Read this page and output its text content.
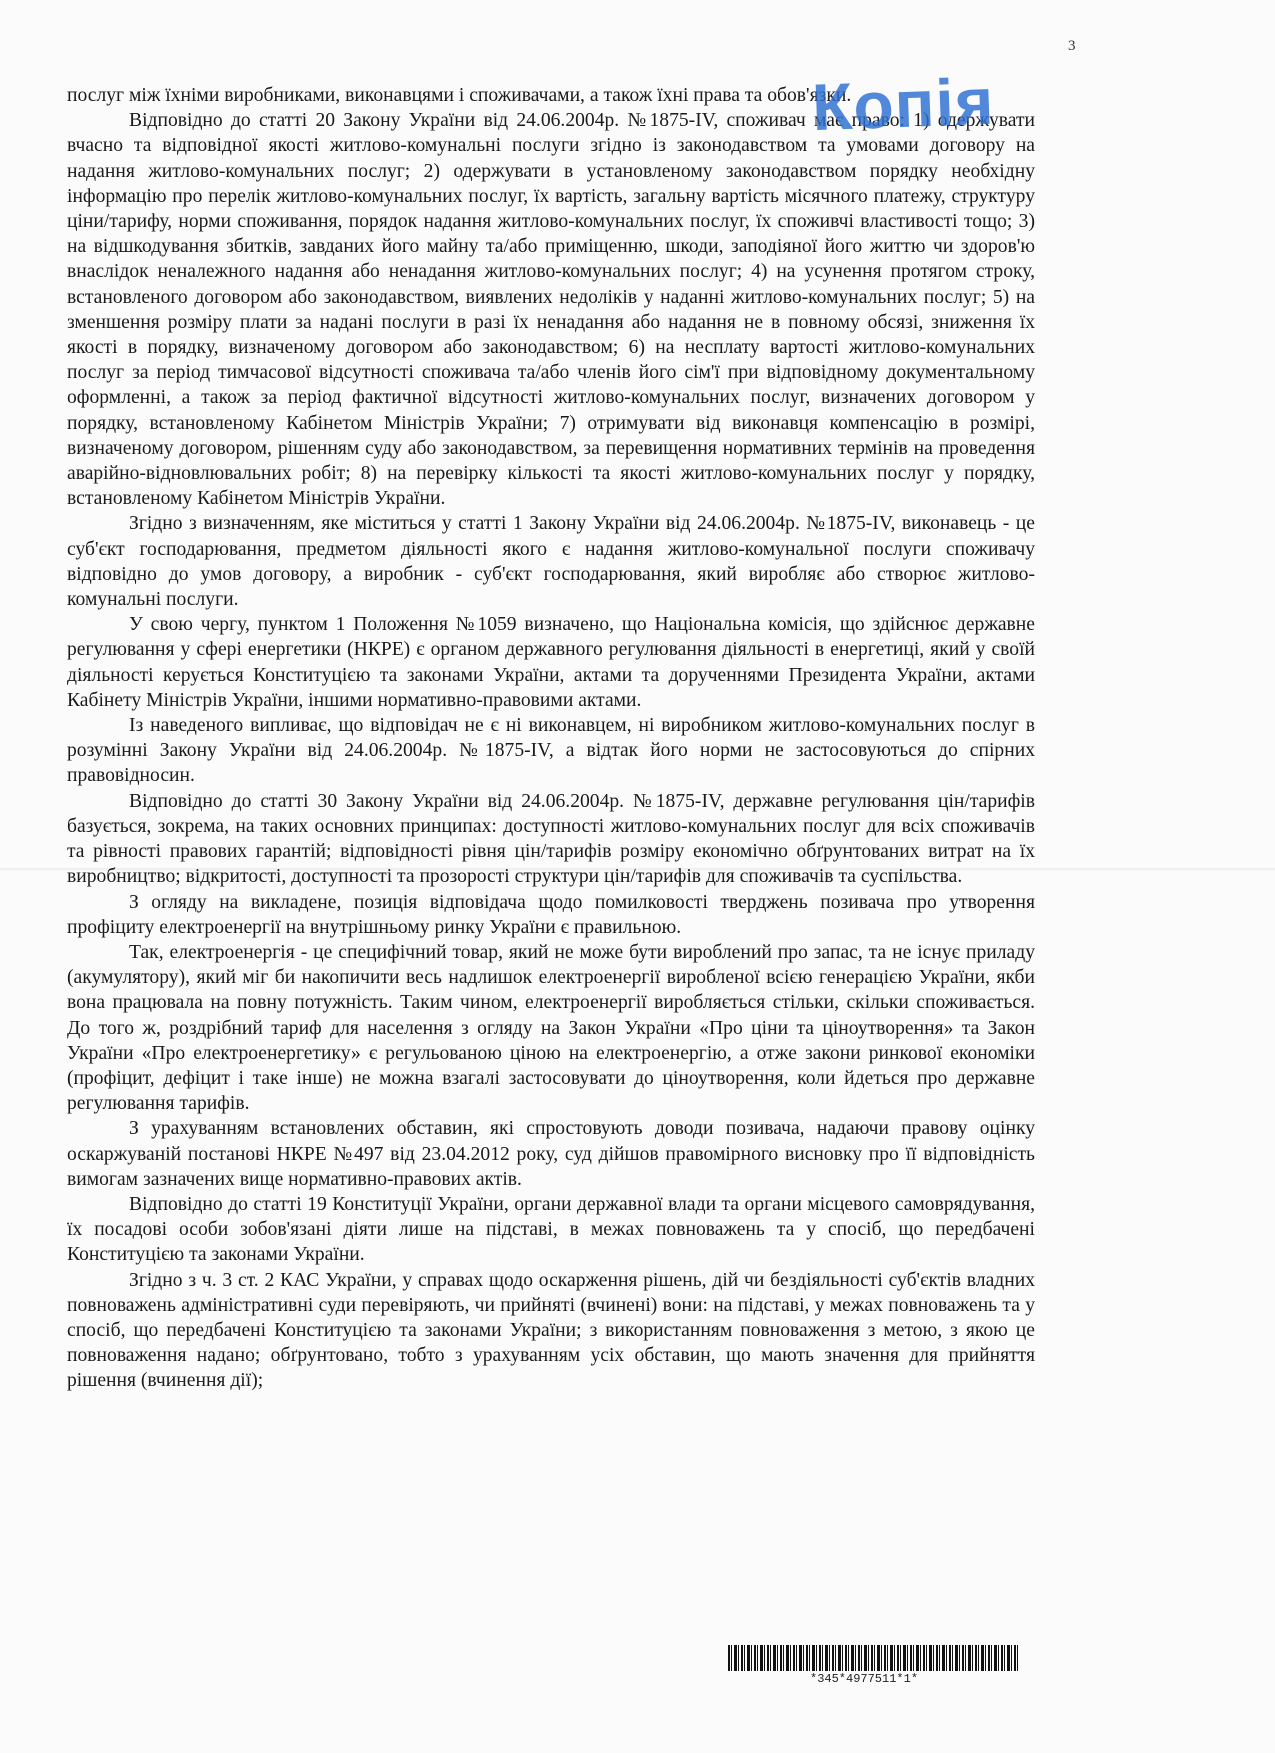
3

послуг між їхніми виробниками, виконавцями і споживачами, а також їхні права та обов'язки.

Відповідно до статті 20 Закону України від 24.06.2004р. №1875-IV, споживач має право: 1) одержувати вчасно та відповідної якості житлово-комунальні послуги згідно із законодавством та умовами договору на надання житлово-комунальних послуг; 2) одержувати в установленому законодавством порядку необхідну інформацію про перелік житлово-комунальних послуг, їх вартість, загальну вартість місячного платежу, структуру ціни/тарифу, норми споживання, порядок надання житлово-комунальних послуг, їх споживчі властивості тощо; 3) на відшкодування збитків, завданих його майну та/або приміщенню, шкоди, заподіяної його життю чи здоров'ю внаслідок неналежного надання або ненадання житлово-комунальних послуг; 4) на усунення протягом строку, встановленого договором або законодавством, виявлених недоліків у наданні житлово-комунальних послуг; 5) на зменшення розміру плати за надані послуги в разі їх ненадання або надання не в повному обсязі, зниження їх якості в порядку, визначеному договором або законодавством; 6) на несплату вартості житлово-комунальних послуг за період тимчасової відсутності споживача та/або членів його сім'ї при відповідному документальному оформленні, а також за період фактичної відсутності житлово-комунальних послуг, визначених договором у порядку, встановленому Кабінетом Міністрів України; 7) отримувати від виконавця компенсацію в розмірі, визначеному договором, рішенням суду або законодавством, за перевищення нормативних термінів на проведення аварійно-відновлювальних робіт; 8) на перевірку кількості та якості житлово-комунальних послуг у порядку, встановленому Кабінетом Міністрів України.

Згідно з визначенням, яке міститься у статті 1 Закону України від 24.06.2004р. №1875-IV, виконавець - це суб'єкт господарювання, предметом діяльності якого є надання житлово-комунальної послуги споживачу відповідно до умов договору, а виробник - суб'єкт господарювання, який виробляє або створює житлово-комунальні послуги.

У свою чергу, пунктом 1 Положення №1059 визначено, що Національна комісія, що здійснює державне регулювання у сфері енергетики (НКРЕ) є органом державного регулювання діяльності в енергетиці, який у своїй діяльності керується Конституцією та законами України, актами та дорученнями Президента України, актами Кабінету Міністрів України, іншими нормативно-правовими актами.

Із наведеного випливає, що відповідач не є ні виконавцем, ні виробником житлово-комунальних послуг в розумінні Закону України від 24.06.2004р. №1875-IV, а відтак його норми не застосовуються до спірних правовідносин.

Відповідно до статті 30 Закону України від 24.06.2004р. №1875-IV, державне регулювання цін/тарифів базується, зокрема, на таких основних принципах: доступності житлово-комунальних послуг для всіх споживачів та рівності правових гарантій; відповідності рівня цін/тарифів розміру економічно обґрунтованих витрат на їх виробництво; відкритості, доступності та прозорості структури цін/тарифів для споживачів та суспільства.

З огляду на викладене, позиція відповідача щодо помилковості тверджень позивача про утворення профіциту електроенергії на внутрішньому ринку України є правильною.

Так, електроенергія - це специфічний товар, який не може бути вироблений про запас, та не існує приладу (акумулятору), який міг би накопичити весь надлишок електроенергії виробленої всією генерацією України, якби вона працювала на повну потужність. Таким чином, електроенергії виробляється стільки, скільки споживається. До того ж, роздрібний тариф для населення з огляду на Закон України «Про ціни та ціноутворення» та Закон України «Про електроенергетику» є регульованою ціною на електроенергію, а отже закони ринкової економіки (профіцит, дефіцит і таке інше) не можна взагалі застосовувати до ціноутворення, коли йдеться про державне регулювання тарифів.

З урахуванням встановлених обставин, які спростовують доводи позивача, надаючи правову оцінку оскаржуваній постанові НКРЕ №497 від 23.04.2012 року, суд дійшов правомірного висновку про її відповідність вимогам зазначених вище нормативно-правових актів.

Відповідно до статті 19 Конституції України, органи державної влади та органи місцевого самоврядування, їх посадові особи зобов'язані діяти лише на підставі, в межах повноважень та у спосіб, що передбачені Конституцією та законами України.

Згідно з ч. 3 ст. 2 КАС України, у справах щодо оскарження рішень, дій чи бездіяльності суб'єктів владних повноважень адміністративні суди перевіряють, чи прийняті (вчинені) вони: на підставі, у межах повноважень та у спосіб, що передбачені Конституцією та законами України; з використанням повноваження з метою, з якою це повноваження надано; обґрунтовано, тобто з урахуванням усіх обставин, що мають значення для прийняття рішення (вчинення дії);

Копія
*345*4977511*1*
